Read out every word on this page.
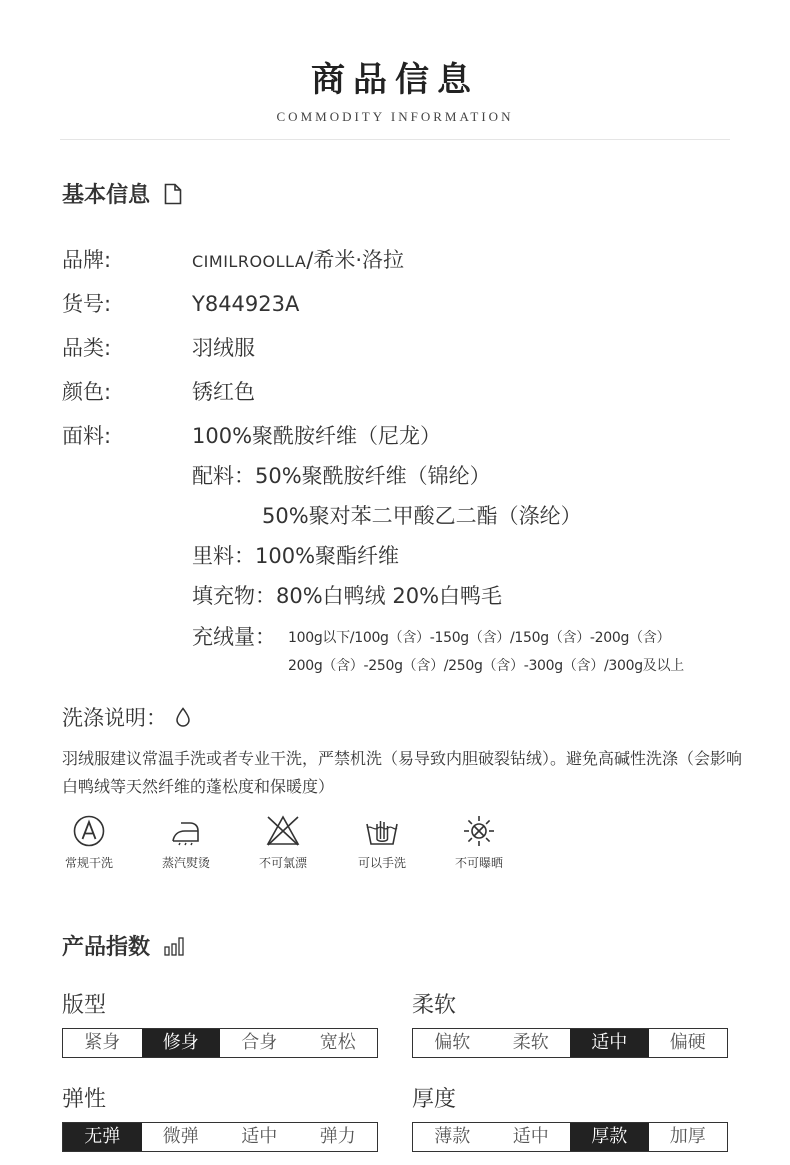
商品信息
COMMODITY INFORMATION
基本信息
品牌:	CIMILROOLLA/希米·洛拉
货号:	Y844923A
品类:	羽绒服
颜色:	锈红色
面料:	100%聚酰胺纤维（尼龙）
配料：50%聚酰胺纤维（锦纶）
50%聚对苯二甲酸乙二酯（涤纶）
里料：100%聚酯纤维
填充物：80%白鸭绒 20%白鸭毛
充绒量： 100g以下/100g（含）-150g（含）/150g（含）-200g（含）
200g（含）-250g（含）/250g（含）-300g（含）/300g及以上
洗涤说明：
羽绒服建议常温手洗或者专业干洗，严禁机洗（易导致内胆破裂钻绒）。避免高碱性洗涤（会影响白鸭绒等天然纤维的蓬松度和保暖度）
常规干洗	蒸汽熨烫	不可氯漂	可以手洗	不可曝晒
产品指数
版型
紧身	修身	合身	宽松
柔软
偏软	柔软	适中	偏硬
弹性
无弹	微弹	适中	弹力
厚度
薄款	适中	厚款	加厚
